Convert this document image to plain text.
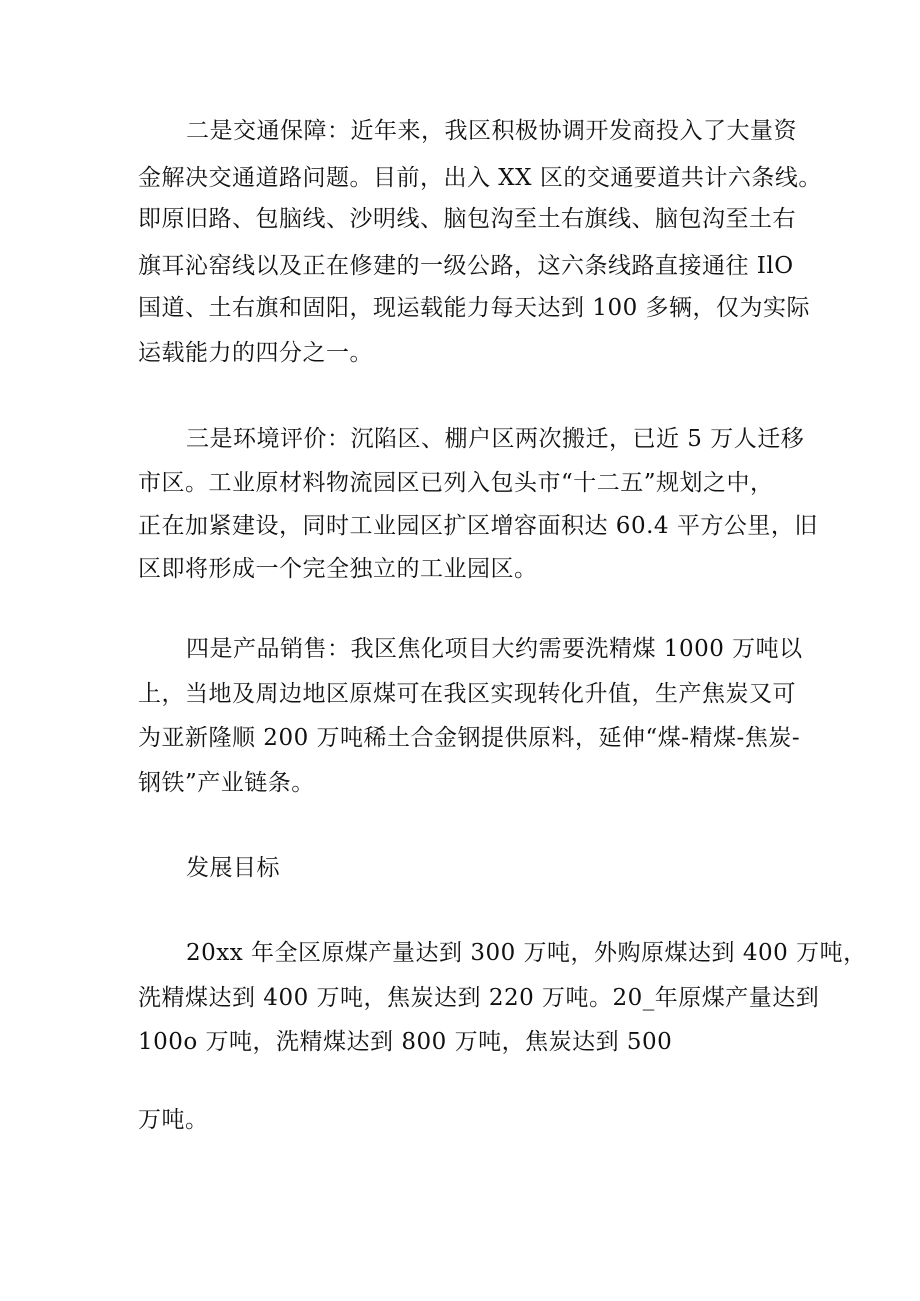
二是交通保障：近年来，我区积极协调开发商投入了大量资
金解决交通道路问题。目前，出入 XX 区的交通要道共计六条线。
即原旧路、包脑线、沙明线、脑包沟至土右旗线、脑包沟至土右
旗耳沁窑线以及正在修建的一级公路，这六条线路直接通往 IlO
国道、土右旗和固阳，现运载能力每天达到 100 多辆，仅为实际
运载能力的四分之一。
三是环境评价：沉陷区、棚户区两次搬迁，已近 5 万人迁移
市区。工业原材料物流园区已列入包头市“十二五”规划之中，
正在加紧建设，同时工业园区扩区增容面积达 60.4 平方公里，旧
区即将形成一个完全独立的工业园区。
四是产品销售：我区焦化项目大约需要洗精煤 1000 万吨以
上，当地及周边地区原煤可在我区实现转化升值，生产焦炭又可
为亚新隆顺 200 万吨稀土合金钢提供原料，延伸“煤-精煤-焦炭-
钢铁”产业链条。
发展目标
20xx 年全区原煤产量达到 300 万吨，外购原煤达到 400 万吨，
洗精煤达到 400 万吨，焦炭达到 220 万吨。20_年原煤产量达到
100o 万吨，洗精煤达到 800 万吨，焦炭达到 500
万吨。
